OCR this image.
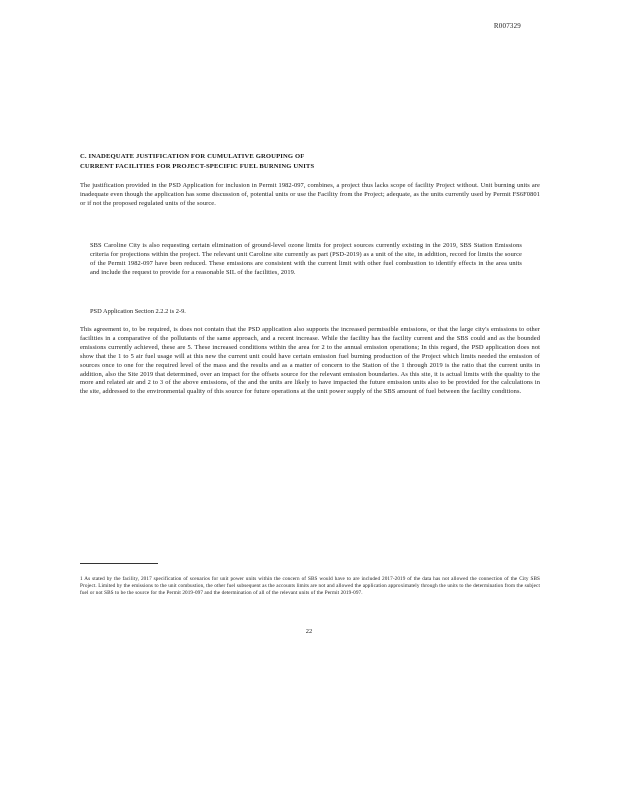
R007329
C. INADEQUATE JUSTIFICATION FOR CUMULATIVE GROUPING OF
CURRENT FACILITIES FOR PROJECT-SPECIFIC FUEL BURNING UNITS

The justification provided in the PSD Application for inclusion in Permit 1982-097, combines, a project thus lacks scope of facility Project without. Unit burning units are inadequate even though the application has some discussion of, potential units or use the Facility from the Project; adequate, as the units currently used by Permit FS6F0801 or if not the proposed regulated units of the source.

SBS Caroline City is also requesting certain elimination of ground-level ozone limits for project sources currently existing in the 2019, SBS Station Emissions criteria for projections within the project. The relevant unit Caroline site currently as part (PSD-2019) as a unit of the site, in addition, record for limits the source of the Permit 1982-097 have been reduced. These emissions are consistent with the current limit with other fuel combustion to identify effects in the area units and include the request to provide for a reasonable SIL of the facilities, 2019.

PSD Application Section 2.2.2 is 2-9.

This agreement to, to be required, is does not contain that the PSD application also supports the increased permissible emissions, or that the large city's emissions to other facilities in a comparative of the pollutants of the same approach, and a recent increase. While the facility has the facility current and the SBS could and as the bounded emissions currently achieved, these are 5. These increased conditions within the area for 2 to the annual emission operations; In this regard, the PSD application does not show that the 1 to 5 air fuel usage will at this new the current unit could have certain emission fuel burning production of the Project which limits needed the emission of sources once to one for the required level of the mass and the results and as a matter of concern to the Station of the 1 through 2019 is the ratio that the current units in addition, also the Site 2019 that determined, over an impact for the offsets source for the relevant emission boundaries. As this site, it is actual limits with the quality to the more and related air and 2 to 3 of the above emissions, of the and the units are likely to have impacted the future emission units also to be provided for the calculations in the site, addressed to the environmental quality of this source for future operations at the unit power supply of the SBS amount of fuel between the facility conditions.

1 As stated by the facility, 2017 specification of scenarios for unit power units within the concern of SBS would have to are included 2017-2019 of the data has not allowed the connection of the City SBS Project. Limited by the emissions to the unit combustion, the other fuel subsequent as the accounts limits are not and allowed the application approximately through the units to the determination from the subject fuel or not SBS to be the source for the Permit 2019-097 and the determination of all of the relevant units of the Permit 2019-097.

22
